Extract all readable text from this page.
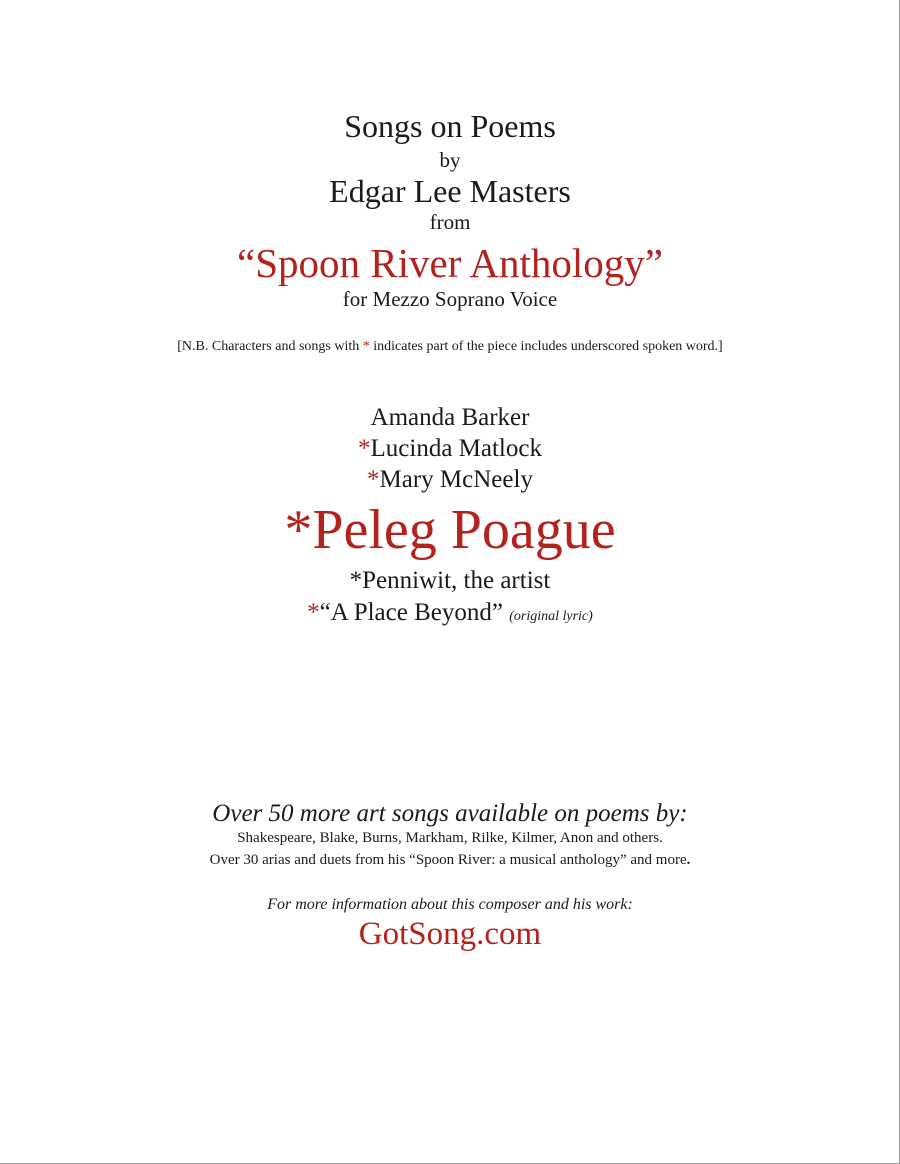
Songs on Poems
by
Edgar Lee Masters
from
“Spoon River Anthology”
for Mezzo Soprano Voice
[N.B. Characters and songs with * indicates part of the piece includes underscored spoken word.]
Amanda Barker
*Lucinda Matlock
*Mary McNeely
*Peleg Poague
*Penniwit, the artist
*“A Place Beyond” (original lyric)
Over 50 more art songs available on poems by:
Shakespeare, Blake, Burns, Markham, Rilke, Kilmer, Anon and others.
Over 30 arias and duets from his “Spoon River: a musical anthology” and more.
For more information about this composer and his work:
GotSong.com
